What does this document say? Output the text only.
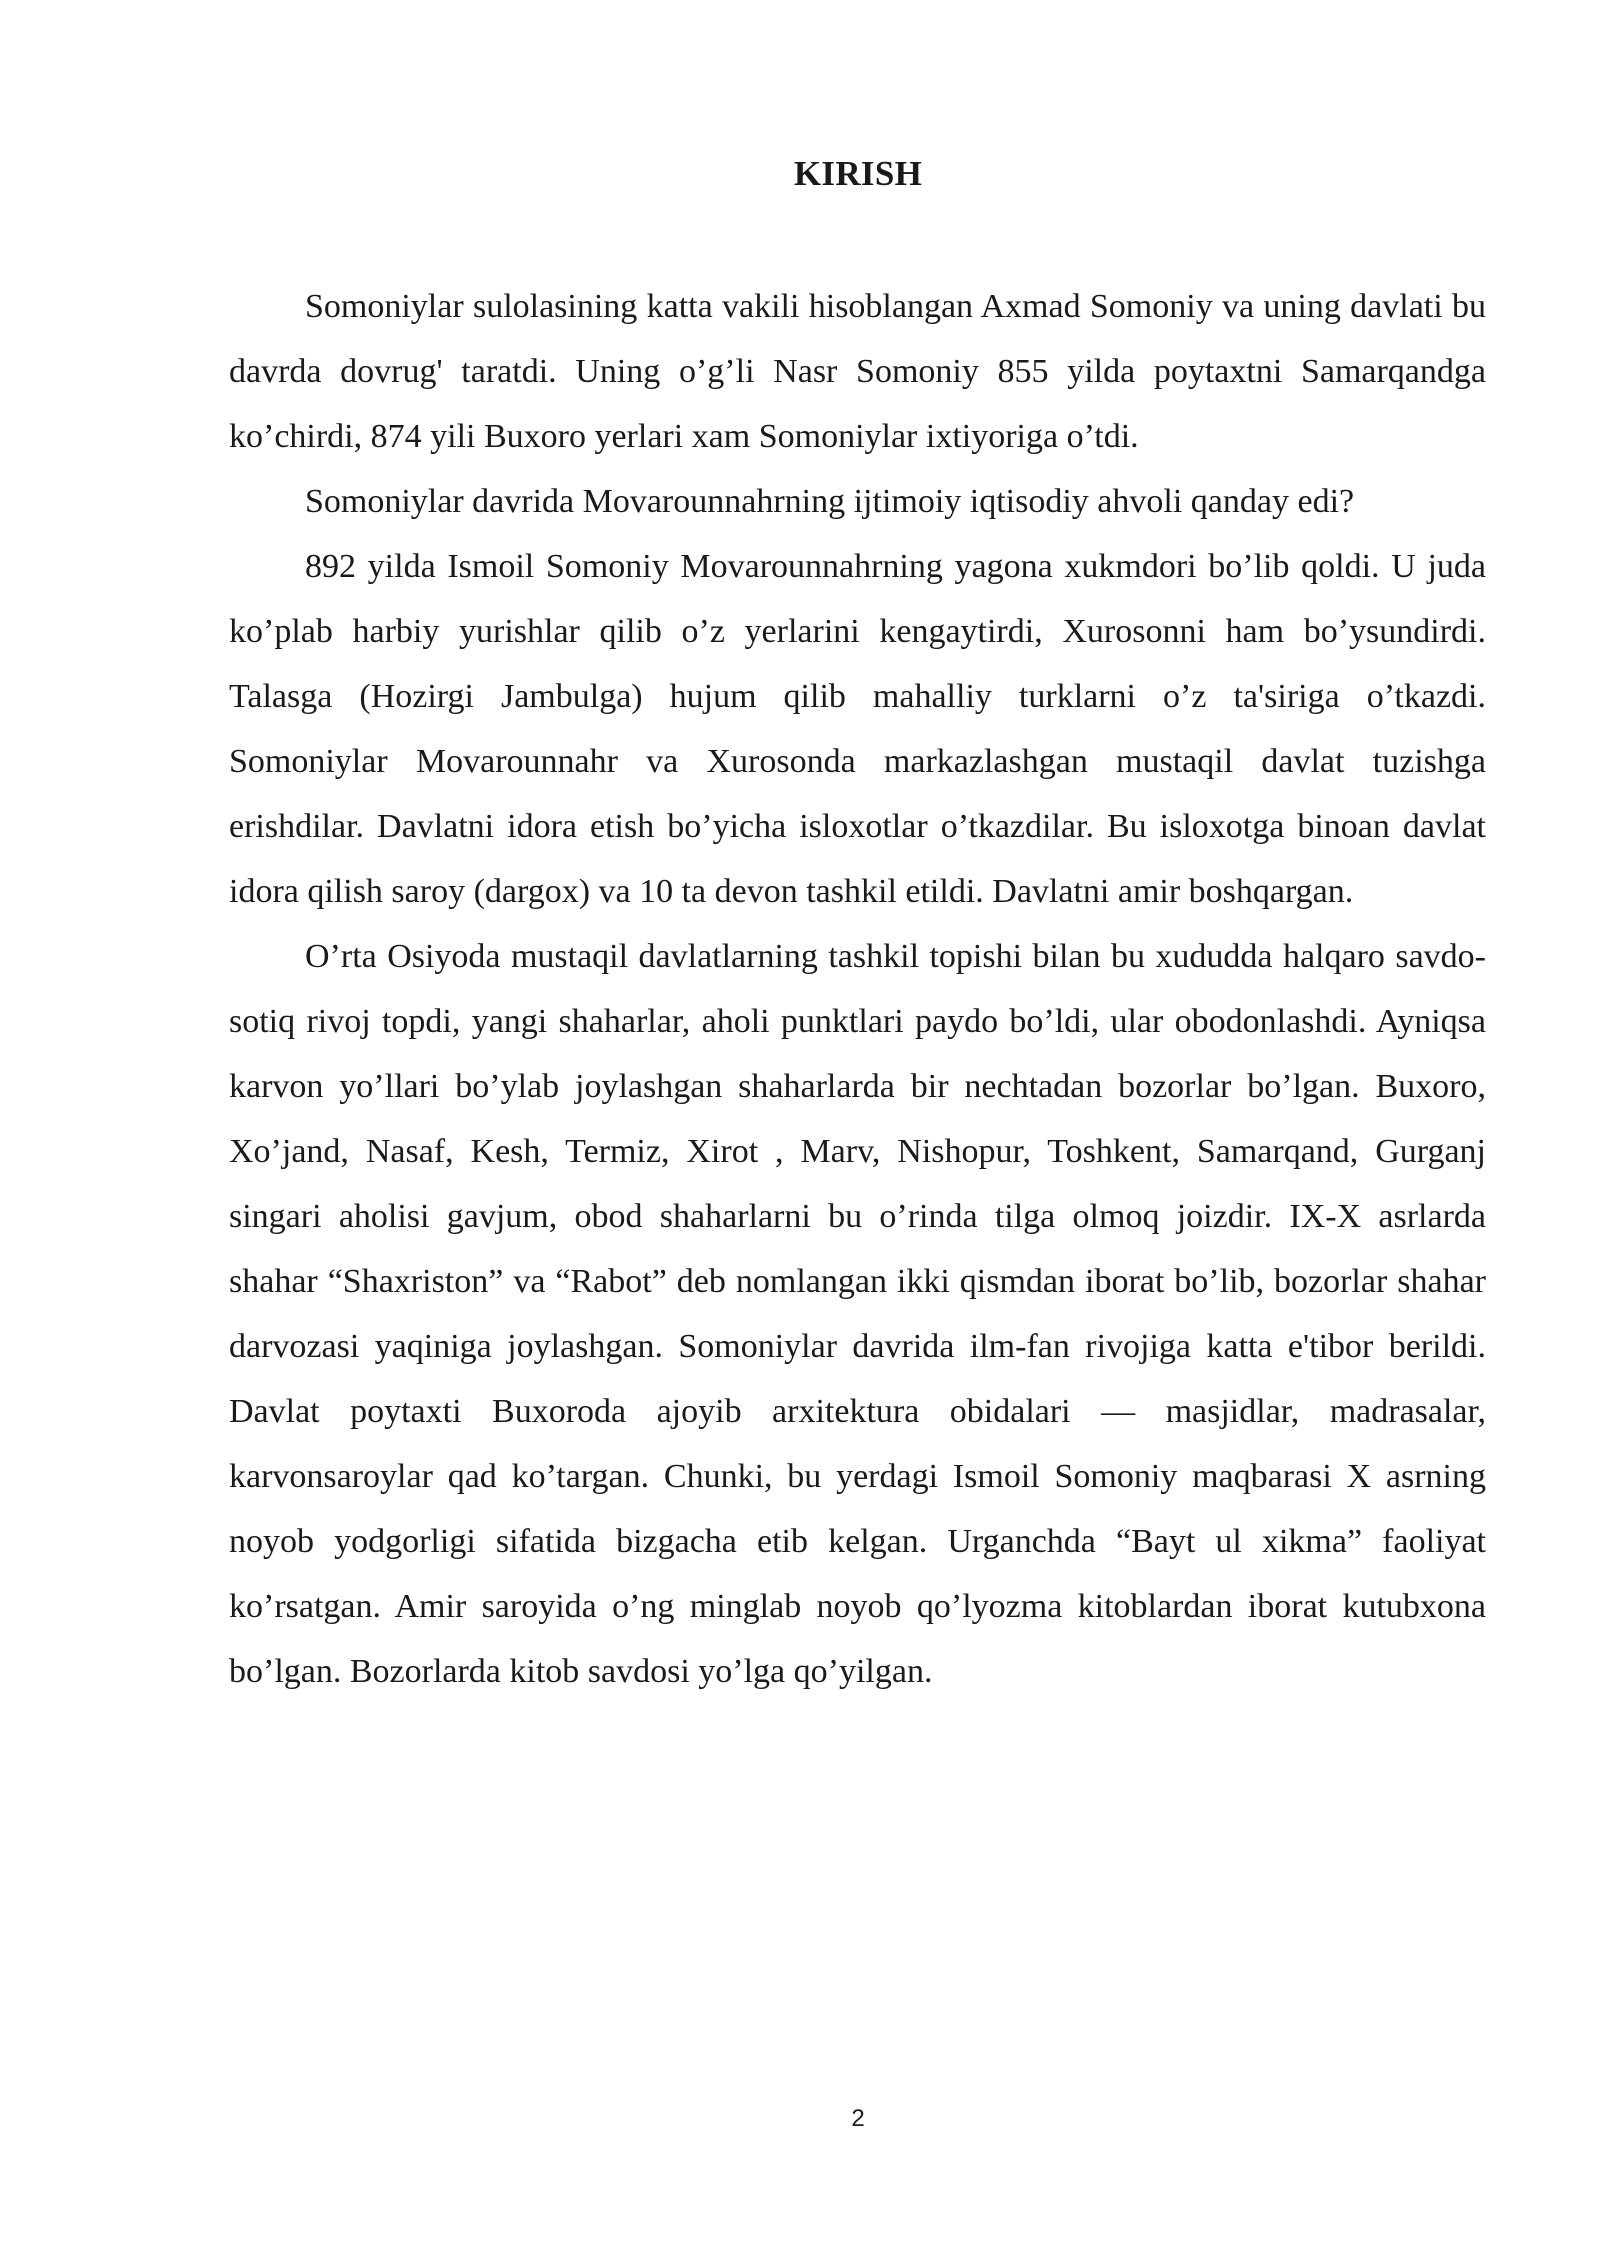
KIRISH

Somoniylar sulolasining katta vakili hisoblangan Axmad Somoniy va uning davlati bu davrda dovrug' taratdi. Uning o’g’li Nasr Somoniy 855 yilda poytaxtni Samarqandga ko’chirdi, 874 yili Buxoro yerlari xam Somoniylar ixtiyoriga o’tdi.

Somoniylar davrida Movarounnahrning ijtimoiy iqtisodiy ahvoli qanday edi?

892 yilda Ismoil Somoniy Movarounnahrning yagona xukmdori bo’lib qoldi. U juda ko’plab harbiy yurishlar qilib o’z yerlarini kengaytirdi, Xurosonni ham bo’ysundirdi. Talasga (Hozirgi Jambulga) hujum qilib mahalliy turklarni o’z ta'siriga o’tkazdi. Somoniylar Movarounnahr va Xurosonda markazlashgan mustaqil davlat tuzishga erishdilar. Davlatni idora etish bo’yicha isloxotlar o’tkazdilar. Bu isloxotga binoan davlat idora qilish saroy (dargox) va 10 ta devon tashkil etildi. Davlatni amir boshqargan.

O’rta Osiyoda mustaqil davlatlarning tashkil topishi bilan bu xududda halqaro savdo-sotiq rivoj topdi, yangi shaharlar, aholi punktlari paydo bo’ldi, ular obodonlashdi. Ayniqsa karvon yo’llari bo’ylab joylashgan shaharlarda bir nechtadan bozorlar bo’lgan. Buxoro, Xo’jand, Nasaf, Kesh, Termiz, Xirot , Marv, Nishopur, Toshkent, Samarqand, Gurganj singari aholisi gavjum, obod shaharlarni bu o’rinda tilga olmoq joizdir. IX-X asrlarda shahar “Shaxriston” va “Rabot” deb nomlangan ikki qismdan iborat bo’lib, bozorlar shahar darvozasi yaqiniga joylashgan. Somoniylar davrida ilm-fan rivojiga katta e'tibor berildi. Davlat poytaxti Buxoroda ajoyib arxitektura obidalari — masjidlar, madrasalar, karvonsaroylar qad ko’targan. Chunki, bu yerdagi Ismoil Somoniy maqbarasi X asrning noyob yodgorligi sifatida bizgacha etib kelgan. Urganchda “Bayt ul xikma” faoliyat ko’rsatgan. Amir saroyida o’ng minglab noyob qo’lyozma kitoblardan iborat kutubxona bo’lgan. Bozorlarda kitob savdosi yo’lga qo’yilgan.

2
